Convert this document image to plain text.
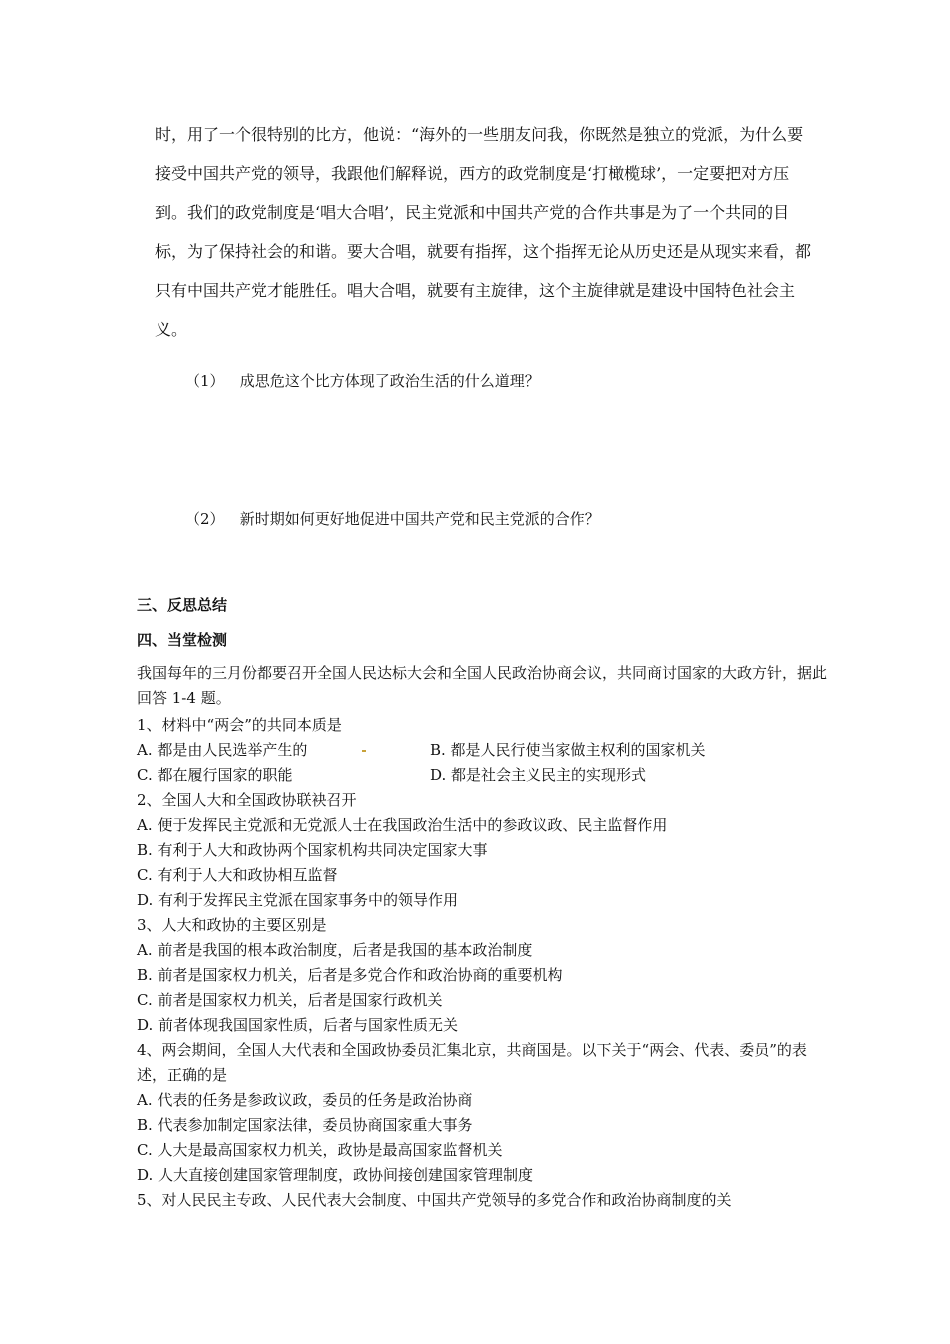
时，用了一个很特别的比方，他说：“海外的一些朋友问我，你既然是独立的党派，为什么要接受中国共产党的领导，我跟他们解释说，西方的政党制度是‘打橄榄球’，一定要把对方压到。我们的政党制度是‘唱大合唱’，民主党派和中国共产党的合作共事是为了一个共同的目标，为了保持社会的和谐。要大合唱，就要有指挥，这个指挥无论从历史还是从现实来看，都只有中国共产党才能胜任。唱大合唱，就要有主旋律，这个主旋律就是建设中国特色社会主义。

（1） 成思危这个比方体现了政治生活的什么道理？
（2） 新时期如何更好地促进中国共产党和民主党派的合作？
三、反思总结
四、当堂检测

我国每年的三月份都要召开全国人民达标大会和全国人民政治协商会议，共同商讨国家的大政方针，据此回答 1-4 题。

1、材料中“两会”的共同本质是
A. 都是由人民选举产生的	B. 都是人民行使当家做主权利的国家机关
C. 都在履行国家的职能	D. 都是社会主义民主的实现形式
2、全国人大和全国政协联袂召开
A. 便于发挥民主党派和无党派人士在我国政治生活中的参政议政、民主监督作用
B. 有利于人大和政协两个国家机构共同决定国家大事
C. 有利于人大和政协相互监督
D. 有利于发挥民主党派在国家事务中的领导作用
3、人大和政协的主要区别是
A. 前者是我国的根本政治制度，后者是我国的基本政治制度
B. 前者是国家权力机关，后者是多党合作和政治协商的重要机构
C. 前者是国家权力机关，后者是国家行政机关
D. 前者体现我国国家性质，后者与国家性质无关

4、两会期间，全国人大代表和全国政协委员汇集北京，共商国是。以下关于“两会、代表、委员”的表述，正确的是

A. 代表的任务是参政议政，委员的任务是政治协商
B. 代表参加制定国家法律，委员协商国家重大事务
C. 人大是最高国家权力机关，政协是最高国家监督机关
D. 人大直接创建国家管理制度，政协间接创建国家管理制度
5、对人民民主专政、人民代表大会制度、中国共产党领导的多党合作和政治协商制度的关
